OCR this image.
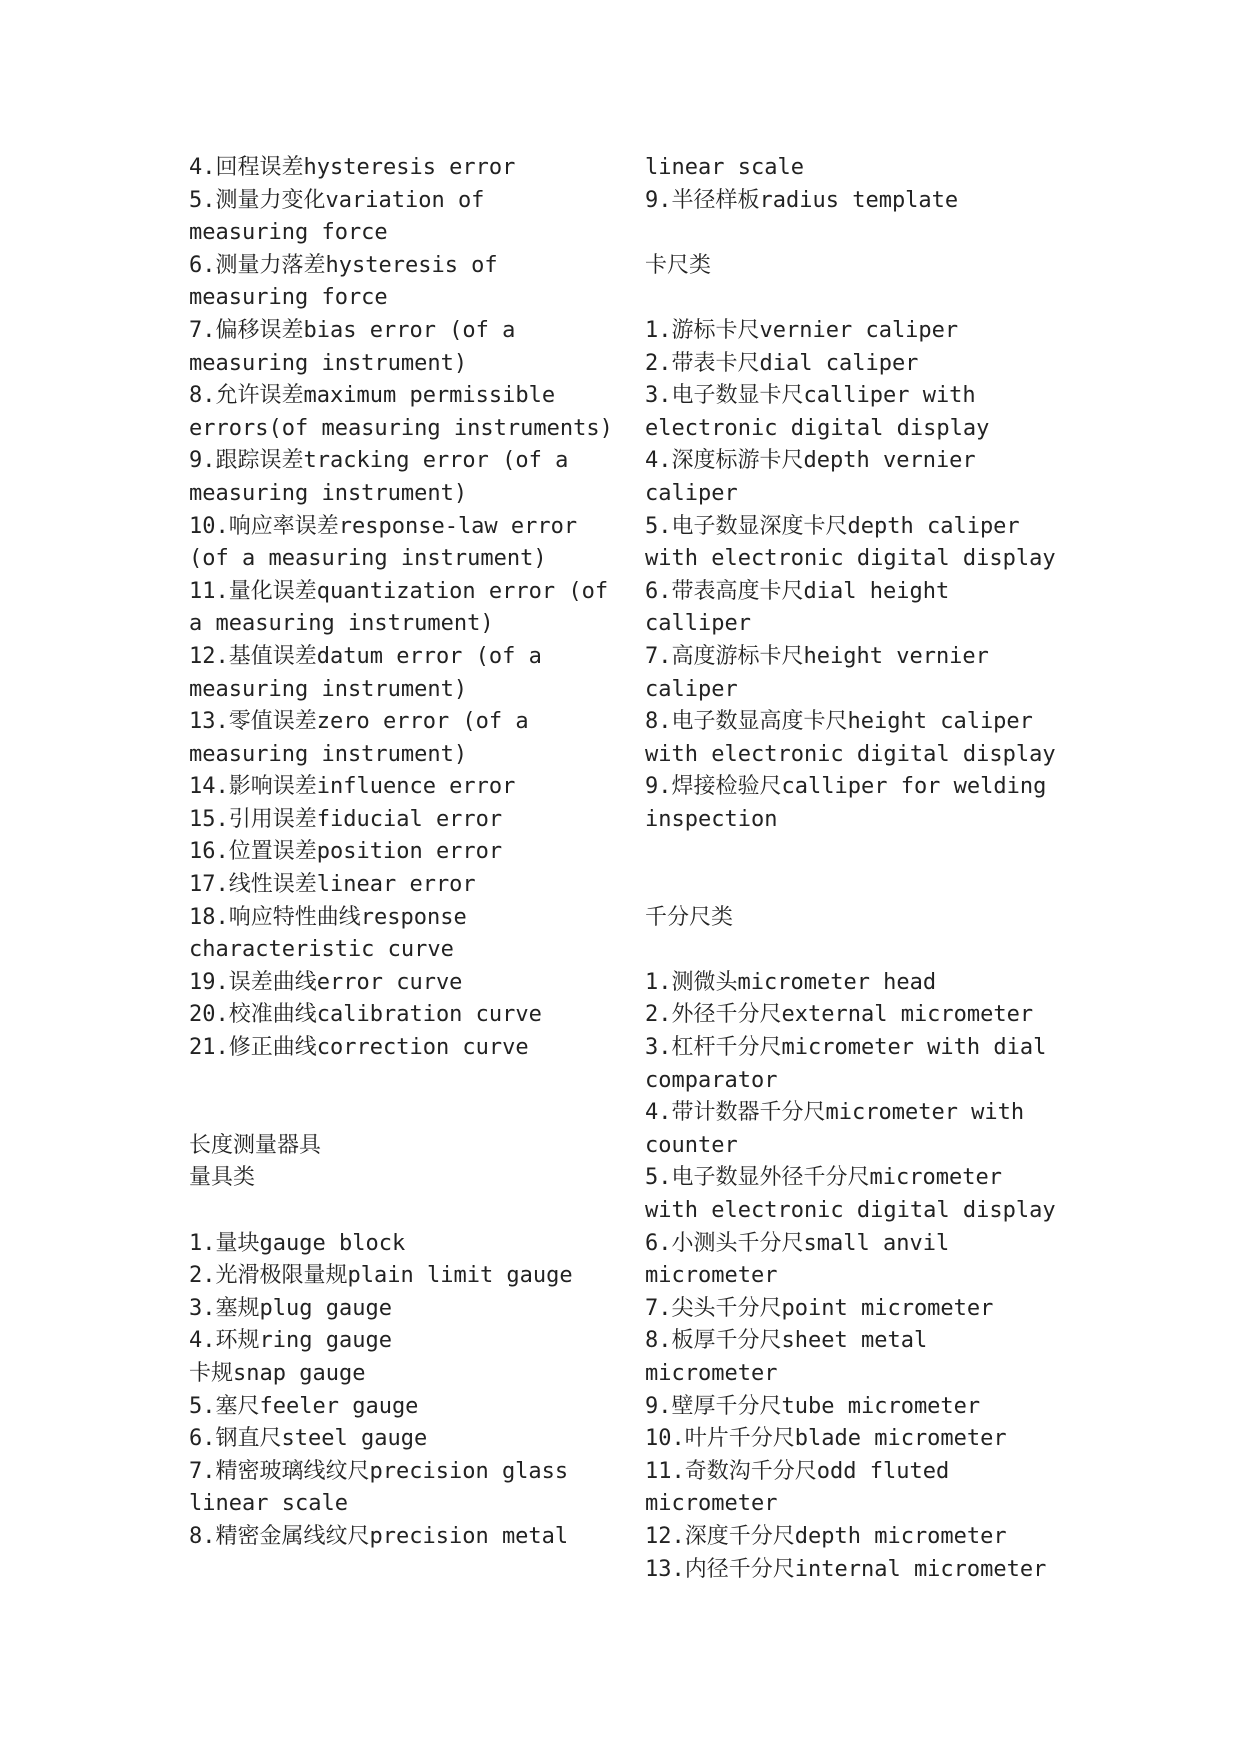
4.回程误差hysteresis error
5.测量力变化variation of
measuring force
6.测量力落差hysteresis of
measuring force
7.偏移误差bias error (of a
measuring instrument)
8.允许误差maximum permissible
errors(of measuring instruments)
9.跟踪误差tracking error (of a
measuring instrument)
10.响应率误差response-law error
(of a measuring instrument)
11.量化误差quantization error (of
a measuring instrument)
12.基值误差datum error (of a
measuring instrument)
13.零值误差zero error (of a
measuring instrument)
14.影响误差influence error
15.引用误差fiducial error
16.位置误差position error
17.线性误差linear error
18.响应特性曲线response
characteristic curve
19.误差曲线error curve
20.校准曲线calibration curve
21.修正曲线correction curve
长度测量器具
量具类
1.量块gauge block
2.光滑极限量规plain limit gauge
3.塞规plug gauge
4.环规ring gauge
卡规snap gauge
5.塞尺feeler gauge
6.钢直尺steel gauge
7.精密玻璃线纹尺precision glass
linear scale
8.精密金属线纹尺precision metal
linear scale
9.半径样板radius template
卡尺类
1.游标卡尺vernier caliper
2.带表卡尺dial caliper
3.电子数显卡尺calliper with
electronic digital display
4.深度标游卡尺depth vernier
caliper
5.电子数显深度卡尺depth caliper
with electronic digital display
6.带表高度卡尺dial height
calliper
7.高度游标卡尺height vernier
caliper
8.电子数显高度卡尺height caliper
with electronic digital display
9.焊接检验尺calliper for welding
inspection
千分尺类
1.测微头micrometer head
2.外径千分尺external micrometer
3.杠杆千分尺micrometer with dial
comparator
4.带计数器千分尺micrometer with
counter
5.电子数显外径千分尺micrometer
with electronic digital display
6.小测头千分尺small anvil
micrometer
7.尖头千分尺point micrometer
8.板厚千分尺sheet metal
micrometer
9.壁厚千分尺tube micrometer
10.叶片千分尺blade micrometer
11.奇数沟千分尺odd fluted
micrometer
12.深度千分尺depth micrometer
13.内径千分尺internal micrometer
